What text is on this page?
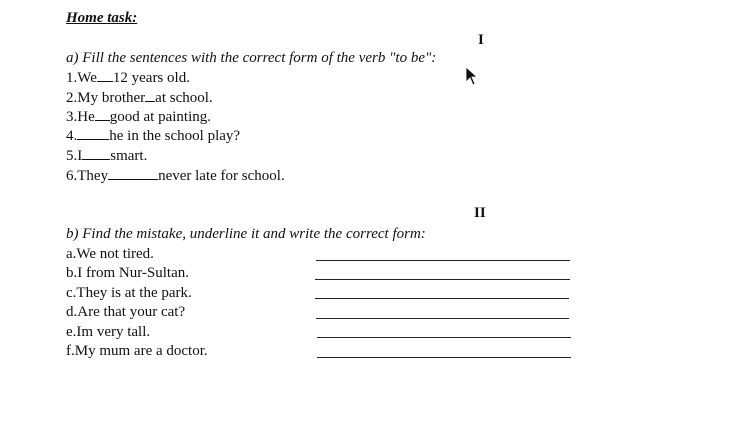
Home task:
I
a) Fill the sentences with the correct form of the verb "to be":
1.We 12 years old.
2.My brother at school.
3.He good at painting.
4. he in the school play?
5.I smart.
6.They	never late for school.
II
b) Find the mistake, underline it and write the correct form:
a.We not tired.
b.I from Nur-Sultan.
c.They is at the park.
d.Are that your cat?
e.Im very tall.
f.My mum are a doctor.
